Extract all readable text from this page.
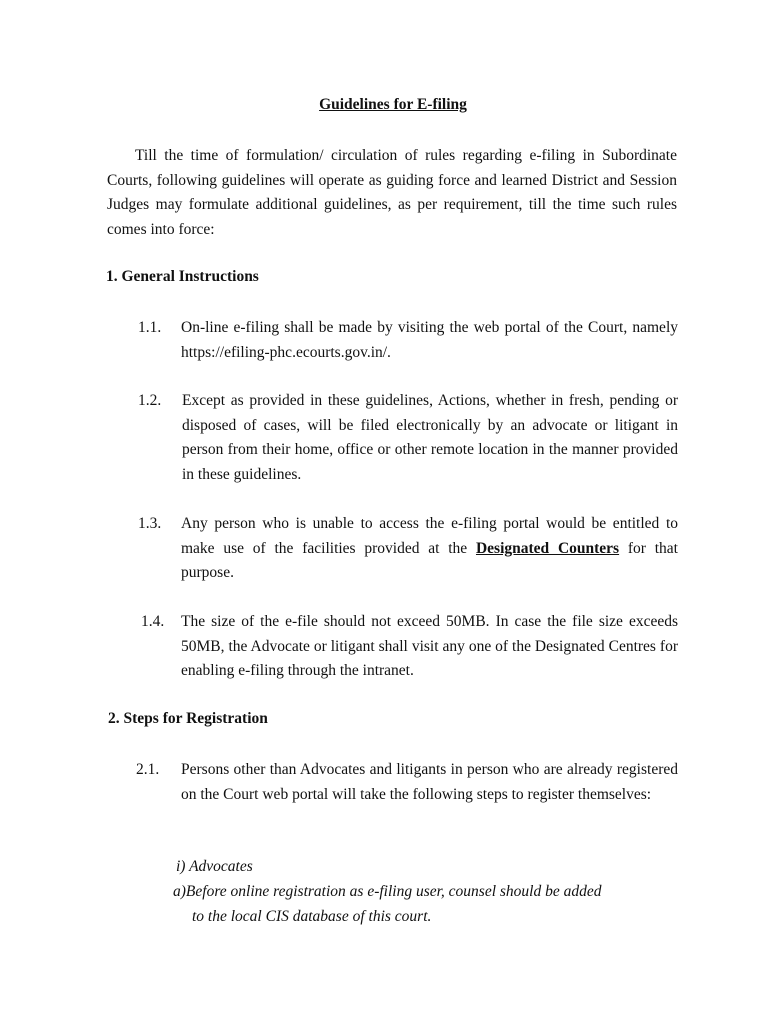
Guidelines for E-filing

Till the time of formulation/ circulation of rules regarding e-filing in Subordinate Courts, following guidelines will operate as guiding force and learned District and Session Judges may formulate additional guidelines, as per requirement, till the time such rules comes into force:

1. General Instructions

1.1. On-line e-filing shall be made by visiting the web portal of the Court, namely https://efiling-phc.ecourts.gov.in/.
1.2. Except as provided in these guidelines, Actions, whether in fresh, pending or disposed of cases, will be filed electronically by an advocate or litigant in person from their home, office or other remote location in the manner provided in these guidelines.
1.3. Any person who is unable to access the e-filing portal would be entitled to make use of the facilities provided at the Designated Counters for that purpose.
1.4. The size of the e-file should not exceed 50MB. In case the file size exceeds 50MB, the Advocate or litigant shall visit any one of the Designated Centres for enabling e-filing through the intranet.

2. Steps for Registration

2.1. Persons other than Advocates and litigants in person who are already registered on the Court web portal will take the following steps to register themselves:

i) Advocates

a)Before online registration as e-filing user, counsel should be added
to the local CIS database of this court.
